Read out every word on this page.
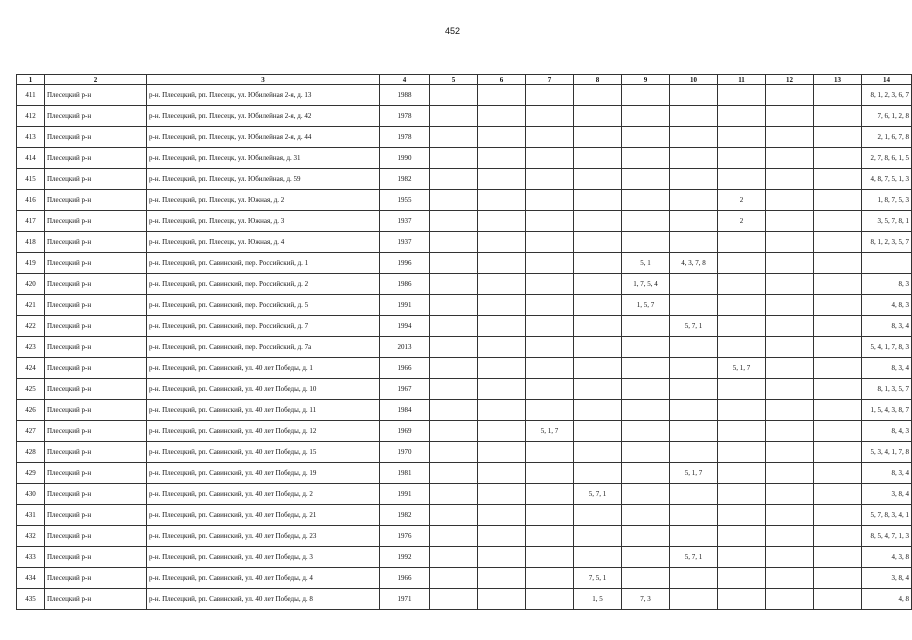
452
1	2	3	4	5	6	7	8	9	10	11	12	13	14
411	Плесецкий р-н	р-н. Плесецкий, рп. Плесецк, ул. Юбилейная 2-я, д. 13	1988										8, 1, 2, 3, 6, 7
412	Плесецкий р-н	р-н. Плесецкий, рп. Плесецк, ул. Юбилейная 2-я, д. 42	1978										7, 6, 1, 2, 8
413	Плесецкий р-н	р-н. Плесецкий, рп. Плесецк, ул. Юбилейная 2-я, д. 44	1978										2, 1, 6, 7, 8
414	Плесецкий р-н	р-н. Плесецкий, рп. Плесецк, ул. Юбилейная, д. 31	1990										2, 7, 8, 6, 1, 5
415	Плесецкий р-н	р-н. Плесецкий, рп. Плесецк, ул. Юбилейная, д. 59	1982										4, 8, 7, 5, 1, 3
416	Плесецкий р-н	р-н. Плесецкий, рп. Плесецк, ул. Южная, д. 2	1955							2			1, 8, 7, 5, 3
417	Плесецкий р-н	р-н. Плесецкий, рп. Плесецк, ул. Южная, д. 3	1937							2			3, 5, 7, 8, 1
418	Плесецкий р-н	р-н. Плесецкий, рп. Плесецк, ул. Южная, д. 4	1937										8, 1, 2, 3, 5, 7
419	Плесецкий р-н	р-н. Плесецкий, рп. Савинский, пер. Российский, д. 1	1996					5, 1	4, 3, 7, 8				
420	Плесецкий р-н	р-н. Плесецкий, рп. Савинский, пер. Российский, д. 2	1986					1, 7, 5, 4					8, 3
421	Плесецкий р-н	р-н. Плесецкий, рп. Савинский, пер. Российский, д. 5	1991					1, 5, 7					4, 8, 3
422	Плесецкий р-н	р-н. Плесецкий, рп. Савинский, пер. Российский, д. 7	1994						5, 7, 1				8, 3, 4
423	Плесецкий р-н	р-н. Плесецкий, рп. Савинский, пер. Российский, д. 7а	2013										5, 4, 1, 7, 8, 3
424	Плесецкий р-н	р-н. Плесецкий, рп. Савинский, ул. 40 лет Победы, д. 1	1966							5, 1, 7			8, 3, 4
425	Плесецкий р-н	р-н. Плесецкий, рп. Савинский, ул. 40 лет Победы, д. 10	1967										8, 1, 3, 5, 7
426	Плесецкий р-н	р-н. Плесецкий, рп. Савинский, ул. 40 лет Победы, д. 11	1984										1, 5, 4, 3, 8, 7
427	Плесецкий р-н	р-н. Плесецкий, рп. Савинский, ул. 40 лет Победы, д. 12	1969			5, 1, 7							8, 4, 3
428	Плесецкий р-н	р-н. Плесецкий, рп. Савинский, ул. 40 лет Победы, д. 15	1970										5, 3, 4, 1, 7, 8
429	Плесецкий р-н	р-н. Плесецкий, рп. Савинский, ул. 40 лет Победы, д. 19	1981						5, 1, 7				8, 3, 4
430	Плесецкий р-н	р-н. Плесецкий, рп. Савинский, ул. 40 лет Победы, д. 2	1991				5, 7, 1						3, 8, 4
431	Плесецкий р-н	р-н. Плесецкий, рп. Савинский, ул. 40 лет Победы, д. 21	1982										5, 7, 8, 3, 4, 1
432	Плесецкий р-н	р-н. Плесецкий, рп. Савинский, ул. 40 лет Победы, д. 23	1976										8, 5, 4, 7, 1, 3
433	Плесецкий р-н	р-н. Плесецкий, рп. Савинский, ул. 40 лет Победы, д. 3	1992						5, 7, 1				4, 3, 8
434	Плесецкий р-н	р-н. Плесецкий, рп. Савинский, ул. 40 лет Победы, д. 4	1966				7, 5, 1						3, 8, 4
435	Плесецкий р-н	р-н. Плесецкий, рп. Савинский, ул. 40 лет Победы, д. 8	1971				1, 5	7, 3					4, 8
